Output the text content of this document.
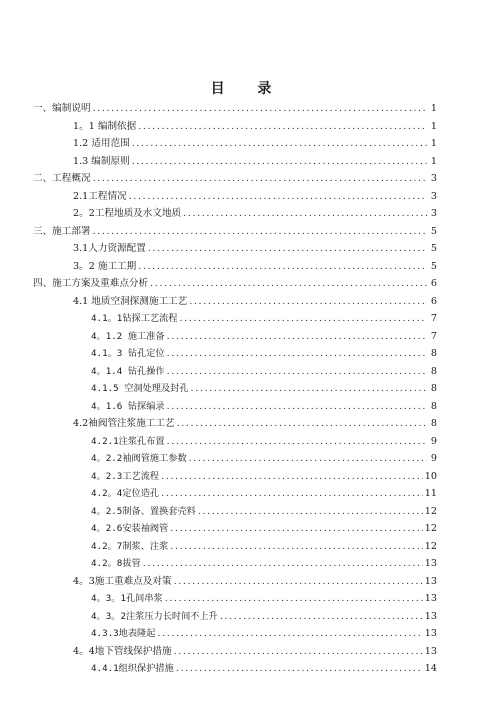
目 录
一、编制说明 .....	1
1。1 编制依据 .....	1
1.2 适用范围 .....	1
1.3 编制原则 .....	1
二、工程概况 .....	3
2.1工程情况 .....	3
2。2工程地质及水文地质 .....	3
三、施工部署 .....	5
3.1人力资源配置 .....	5
3。2 施工工期 .....	5
四、施工方案及重难点分析 .....	6
4.1 地质空洞探测施工工艺 .....	6
4.1。1钻探工艺流程 .....	7
4。1.2 施工准备 .....	7
4.1。3 钻孔定位 .....	8
4。1.4 钻孔操作 .....	8
4.1.5 空洞处理及封孔 .....	8
4。1.6 钻探编录 .....	8
4.2袖阀管注浆施工工艺 .....	8
4.2.1注浆孔布置 .....	9
4。2.2袖阀管施工参数 .....	9
4。2.3工艺流程 .....	10
4.2。4定位造孔 .....	11
4。2.5制备、置换套壳料 .....	12
4。2.6安装袖阀管 .....	12
4.2。7制浆、注浆 .....	12
4.2。8拔管 .....	13
4。3施工重难点及对策 .....	13
4。3。1孔间串浆 .....	13
4。3。2注浆压力长时间不上升 .....	13
4.3.3地表隆起 .....	13
4。4地下管线保护措施 .....	13
4.4.1组织保护措施 .....	14
